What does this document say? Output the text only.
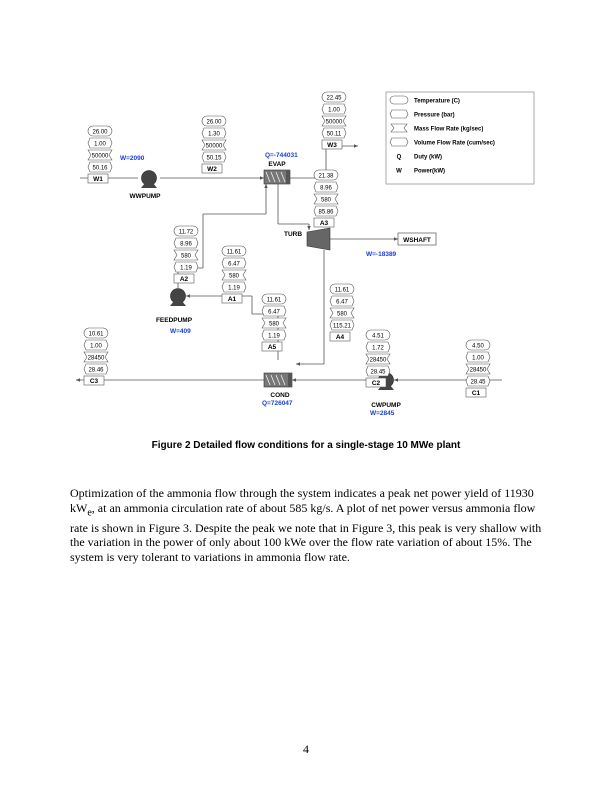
WWPUMP
EVAP
TURB
FEEDPUMP
COND
CWPUMP
WSHAFT
W=2090	Q=-744031
W=-18389
W=409
Q=726047
W=2845
26.00
1.00
50000
50.16
W1
26.00
1.30
50000
50.15
W2
22.45
1.00
50000
50.11
W3
21.38
8.96
580
85.86
A3
11.72
8.96
580
1.19
A2
11.61
6.47
580
1.19
A1	11.61
6.47
580
1.19
A5
11.61
6.47
580
115.21
A4
10.61
1.00
28450
28.46
C3
4.51
1.72
28450
28.45
C2
4.50
1.00
28450
28.45
C1
Temperature (C)
Pressure (bar)
Mass Flow Rate (kg/sec)
Volume Flow Rate (cum/sec)
Q Duty (kW)
W Power(kW)
Figure 2 Detailed flow conditions for a single-stage 10 MWe plant

Optimization of the ammonia flow through the system indicates a peak net power yield of 11930 $kW_e$, at an ammonia circulation rate of about 585 kg/s. A plot of net power versus ammonia flow rate is shown in Figure 3. Despite the peak we note that in Figure 3, this peak is very shallow with the variation in the power of only about 100 kWe over the flow rate variation of about 15%. The system is very tolerant to variations in ammonia flow rate.

4
